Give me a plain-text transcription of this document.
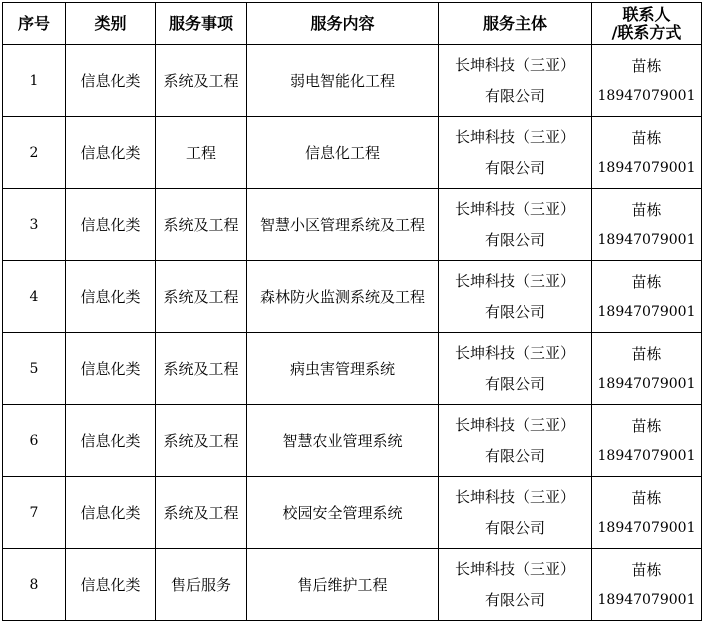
序号	类别	服务事项	服务内容	服务主体	联系人
/联系方式

1	信息化类	系统及工程	弱电智能化工程	长坤科技（三亚）
有限公司	苗栋
18947079001

2	信息化类	工程	信息化工程	长坤科技（三亚）
有限公司	苗栋
18947079001

3	信息化类	系统及工程	智慧小区管理系统及工程	长坤科技（三亚）
有限公司	苗栋
18947079001

4	信息化类	系统及工程	森林防火监测系统及工程	长坤科技（三亚）
有限公司	苗栋
18947079001

5	信息化类	系统及工程	病虫害管理系统	长坤科技（三亚）
有限公司	苗栋
18947079001

6	信息化类	系统及工程	智慧农业管理系统	长坤科技（三亚）
有限公司	苗栋
18947079001

7	信息化类	系统及工程	校园安全管理系统	长坤科技（三亚）
有限公司	苗栋
18947079001

8	信息化类	售后服务	售后维护工程	长坤科技（三亚）
有限公司	苗栋
18947079001
